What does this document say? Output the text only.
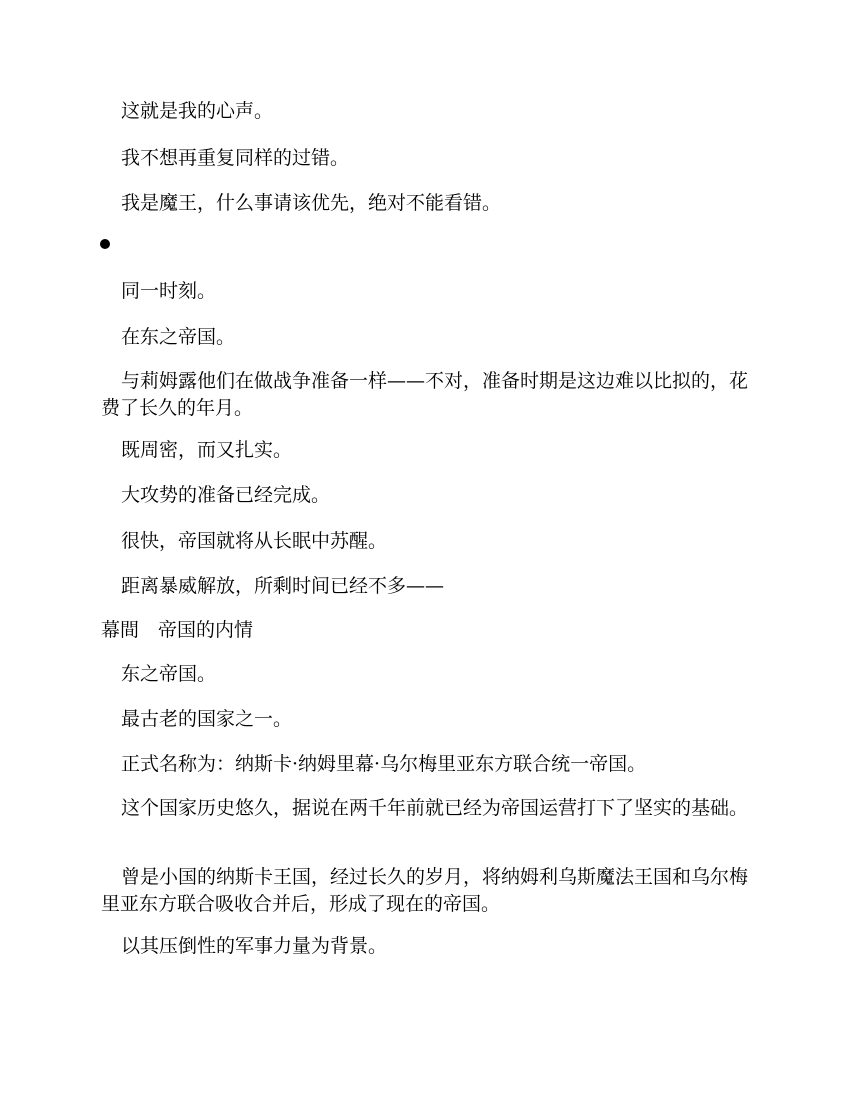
这就是我的心声。

我不想再重复同样的过错。

我是魔王，什么事请该优先，绝对不能看错。

同一时刻。

在东之帝国。

与莉姆露他们在做战争准备一样——不对，准备时期是这边难以比拟的，花费了长久的年月。

既周密，而又扎实。

大攻势的准备已经完成。

很快，帝国就将从长眠中苏醒。

距离暴威解放，所剩时间已经不多——

幕間　帝国的内情

东之帝国。

最古老的国家之一。

正式名称为：纳斯卡·纳姆里幕·乌尔梅里亚东方联合统一帝国。

这个国家历史悠久，据说在两千年前就已经为帝国运营打下了坚实的基础。

曾是小国的纳斯卡王国，经过长久的岁月，将纳姆利乌斯魔法王国和乌尔梅里亚东方联合吸收合并后，形成了现在的帝国。

以其压倒性的军事力量为背景。
